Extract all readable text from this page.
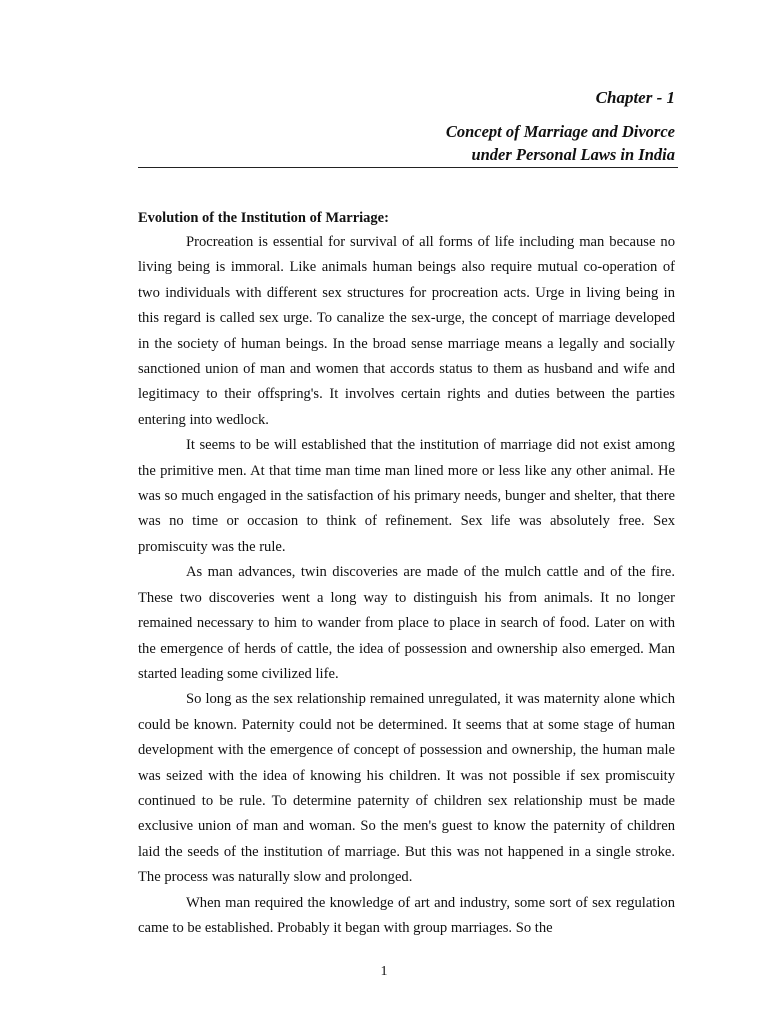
Chapter - 1
Concept of Marriage and Divorce
under Personal Laws in India
Evolution of the Institution of Marriage:

Procreation is essential for survival of all forms of life including man because no living being is immoral. Like animals human beings also require mutual co-operation of two individuals with different sex structures for procreation acts. Urge in living being in this regard is called sex urge. To canalize the sex-urge, the concept of marriage developed in the society of human beings. In the broad sense marriage means a legally and socially sanctioned union of man and women that accords status to them as husband and wife and legitimacy to their offspring's. It involves certain rights and duties between the parties entering into wedlock.

It seems to be will established that the institution of marriage did not exist among the primitive men. At that time man time man lined more or less like any other animal. He was so much engaged in the satisfaction of his primary needs, bunger and shelter, that there was no time or occasion to think of refinement. Sex life was absolutely free. Sex promiscuity was the rule.

As man advances, twin discoveries are made of the mulch cattle and of the fire. These two discoveries went a long way to distinguish his from animals. It no longer remained necessary to him to wander from place to place in search of food. Later on with the emergence of herds of cattle, the idea of possession and ownership also emerged. Man started leading some civilized life.

So long as the sex relationship remained unregulated, it was maternity alone which could be known. Paternity could not be determined. It seems that at some stage of human development with the emergence of concept of possession and ownership, the human male was seized with the idea of knowing his children. It was not possible if sex promiscuity continued to be rule. To determine paternity of children sex relationship must be made exclusive union of man and woman. So the men's guest to know the paternity of children laid the seeds of the institution of marriage. But this was not happened in a single stroke. The process was naturally slow and prolonged.

When man required the knowledge of art and industry, some sort of sex regulation came to be established. Probably it began with group marriages. So the

1
